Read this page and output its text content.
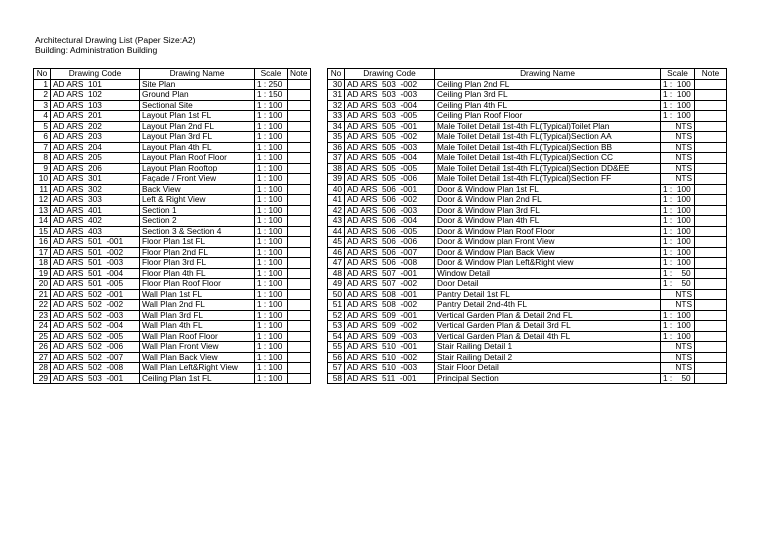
Architectural Drawing List (Paper Size:A2)
Building: Administration Building
No	Drawing Code	Drawing Name	Scale	Note
1	AD ARS  101	Site Plan	1 : 250	
2	AD ARS  102	Ground Plan	1 : 150	
3	AD ARS  103	Sectional Site	1 : 100	
4	AD ARS  201	Layout Plan 1st FL	1 : 100	
5	AD ARS  202	Layout Plan 2nd FL	1 : 100	
6	AD ARS  203	Layout Plan 3rd FL	1 : 100	
7	AD ARS  204	Layout Plan 4th FL	1 : 100	
8	AD ARS  205	Layout Plan Roof Floor	1 : 100	
9	AD ARS  206	Layout Plan Rooftop	1 : 100	
10	AD ARS  301	Façade / Front View	1 : 100	
11	AD ARS  302	Back View	1 : 100	
12	AD ARS  303	Left & Right View	1 : 100	
13	AD ARS  401	Section 1	1 : 100	
14	AD ARS  402	Section 2	1 : 100	
15	AD ARS  403	Section 3 & Section 4	1 : 100	
16	AD ARS  501  -001	Floor Plan 1st FL	1 : 100	
17	AD ARS  501  -002	Floor Plan 2nd FL	1 : 100	
18	AD ARS  501  -003	Floor Plan 3rd FL	1 : 100	
19	AD ARS  501  -004	Floor Plan 4th FL	1 : 100	
20	AD ARS  501  -005	Floor Plan Roof Floor	1 : 100	
21	AD ARS  502  -001	Wall Plan 1st FL	1 : 100	
22	AD ARS  502  -002	Wall Plan 2nd FL	1 : 100	
23	AD ARS  502  -003	Wall Plan 3rd FL	1 : 100	
24	AD ARS  502  -004	Wall Plan 4th FL	1 : 100	
25	AD ARS  502  -005	Wall Plan Roof Floor	1 : 100	
26	AD ARS  502  -006	Wall Plan Front View	1 : 100	
27	AD ARS  502  -007	Wall Plan Back View	1 : 100	
28	AD ARS  502  -008	Wall Plan Left&Right View	1 : 100	
29	AD ARS  503  -001	Ceiling Plan 1st FL	1 : 100	
No	Drawing Code	Drawing Name	Scale	Note
30	AD ARS  503  -002	Ceiling Plan 2nd FL	1 :  100	
31	AD ARS  503  -003	Ceiling Plan 3rd FL	1 :  100	
32	AD ARS  503  -004	Ceiling Plan 4th FL	1 :  100	
33	AD ARS  503  -005	Ceiling Plan Roof Floor	1 :  100	
34	AD ARS  505  -001	Male Toilet Detail 1st-4th FL(Typical)Toilet Plan	NTS	
35	AD ARS  505  -002	Male Toilet Detail 1st-4th FL(Typical)Section AA	NTS	
36	AD ARS  505  -003	Male Toilet Detail 1st-4th FL(Typical)Section BB	NTS	
37	AD ARS  505  -004	Male Toilet Detail 1st-4th FL(Typical)Section CC	NTS	
38	AD ARS  505  -005	Male Toilet Detail 1st-4th FL(Typical)Section DD&EE	NTS	
39	AD ARS  505  -006	Male Toilet Detail 1st-4th FL(Typical)Section FF	NTS	
40	AD ARS  506  -001	Door & Window Plan 1st FL	1 :  100	
41	AD ARS  506  -002	Door & Window Plan 2nd FL	1 :  100	
42	AD ARS  506  -003	Door & Window Plan 3rd FL	1 :  100	
43	AD ARS  506  -004	Door & Window Plan 4th FL	1 :  100	
44	AD ARS  506  -005	Door & Window Plan Roof Floor	1 :  100	
45	AD ARS  506  -006	Door & Window plan Front View	1 :  100	
46	AD ARS  506  -007	Door & Window Plan Back View	1 :  100	
47	AD ARS  506  -008	Door & Window Plan Left&Right view	1 :  100	
48	AD ARS  507  -001	Window Detail	1 :    50	
49	AD ARS  507  -002	Door Detail	1 :    50	
50	AD ARS  508  -001	Pantry Detail 1st FL	NTS	
51	AD ARS  508  -002	Pantry Detail 2nd-4th FL	NTS	
52	AD ARS  509  -001	Vertical Garden Plan & Detail 2nd FL	1 :  100	
53	AD ARS  509  -002	Vertical Garden Plan & Detail 3rd FL	1 :  100	
54	AD ARS  509  -003	Vertical Garden Plan & Detail 4th FL	1 :  100	
55	AD ARS  510  -001	Stair Railing Detail 1	NTS	
56	AD ARS  510  -002	Stair Railing Detail 2	NTS	
57	AD ARS  510  -003	Stair Floor Detail	NTS	
58	AD ARS  511  -001	Principal Section	1 :    50	
